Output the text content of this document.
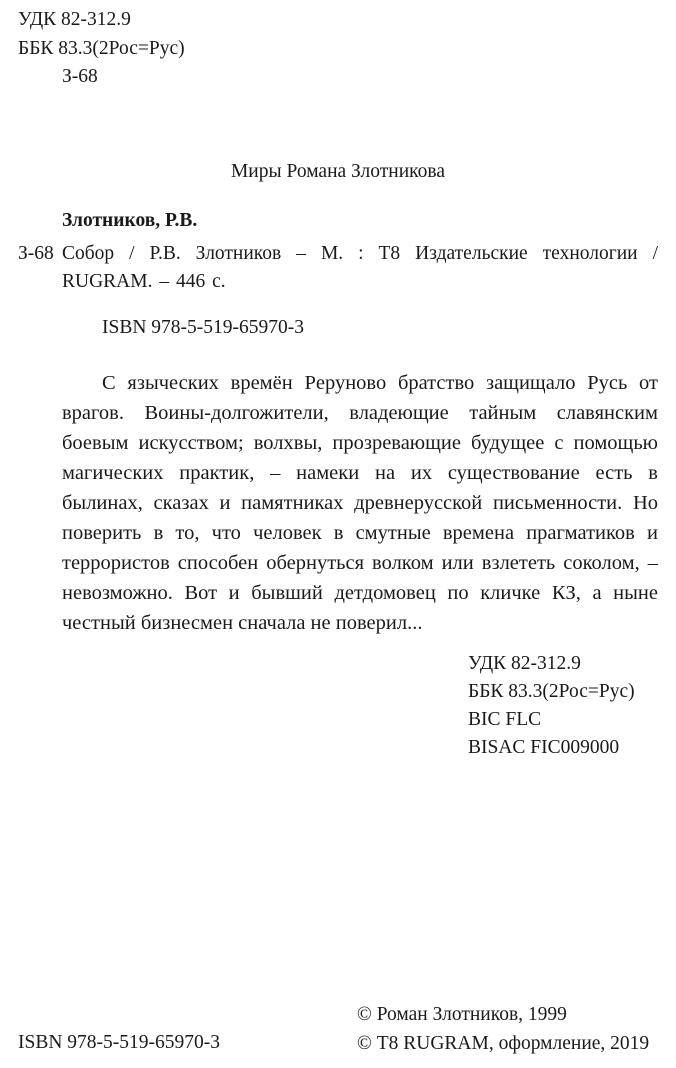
УДК 82-312.9
ББК 83.3(2Рос=Рус)
З-68
Миры Романа Злотникова
Злотников, Р.В.
З-68 Собор / Р.В. Злотников – М. : Т8 Издательские технологии / RUGRAM. – 446 с.
ISBN 978-5-519-65970-3
С языческих времён Peруново братство защищало Русь от врагов. Воины-долгожители, владеющие тайным славянским боевым искусством; волхвы, прозревающие будущее с помощью магических практик, – намеки на их существование есть в былинах, сказах и памятниках древнерусской письменности. Но поверить в то, что человек в смутные времена прагматиков и террористов способен обернуться волком или взлететь соколом, – невозможно. Вот и бывший детдомовец по кличке КЗ, а ныне честный бизнесмен сначала не поверил...
УДК 82-312.9
ББК 83.3(2Рос=Рус)
BIC FLC
BISAC FIC009000
ISBN 978-5-519-65970-3
© Роман Злотников, 1999
© Т8 RUGRAM, оформление, 2019
